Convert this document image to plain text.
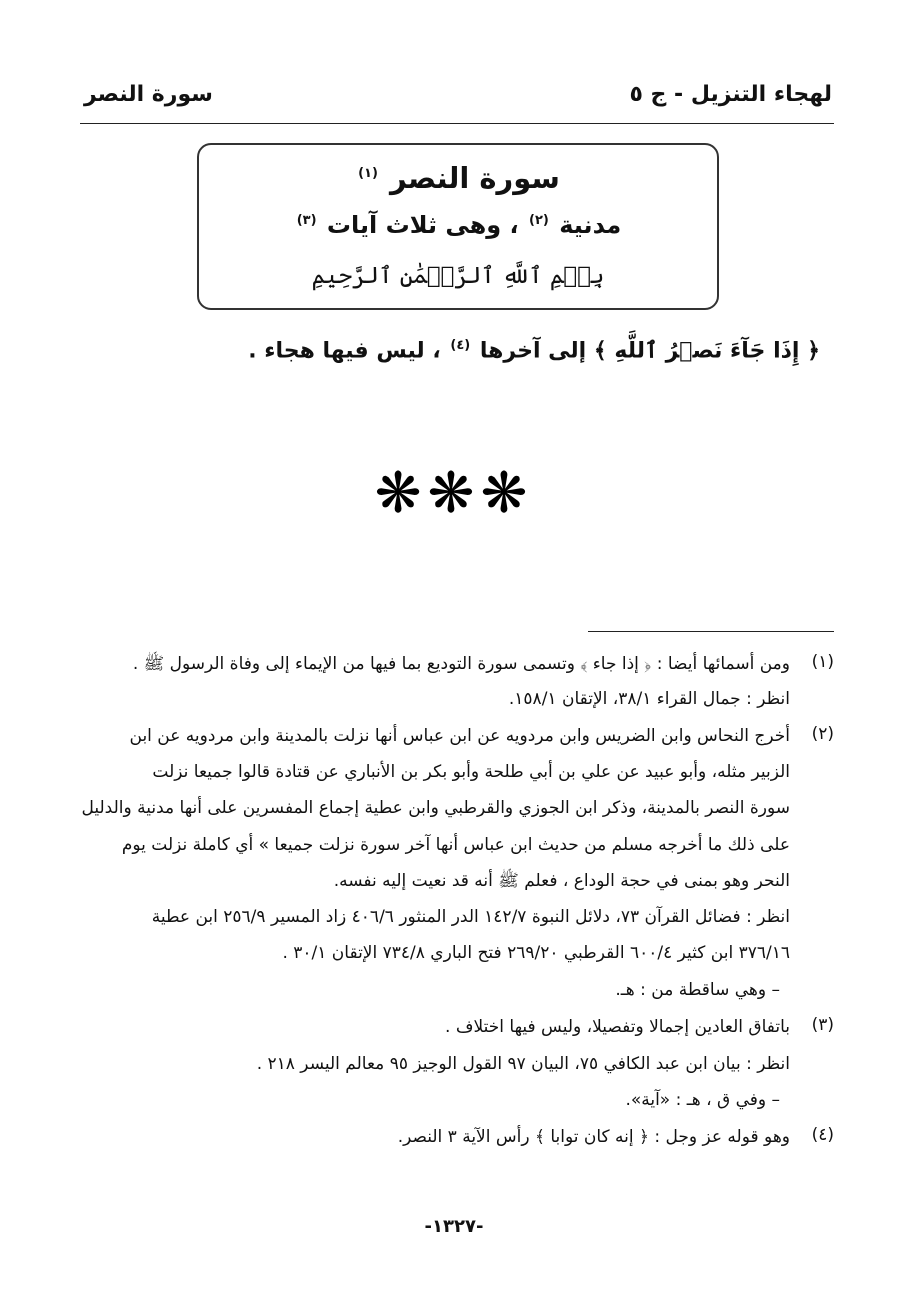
لهجاء التنزيل - ج ٥
سورة النصر
سورة النصر $^{(١)}$
مدنية $^{(٢)}$ ، وهى ثلاث آيات $^{(٣)}$
بِسۡمِ ٱللَّهِ ٱلرَّحۡمَٰنِ ٱلرَّحِيمِ
﴿ إِذَا جَآءَ نَصۡرُ ٱللَّهِ ﴾ إلى آخرها $^{(٤)}$ ، ليس فيها هجاء .
❋❋❋
(١)
ومن أسمائها أيضا : ﴿ إذا جاء ﴾ وتسمى سورة التوديع بما فيها من الإيماء إلى وفاة الرسول ﷺ .
انظر : جمال القراء ٣٨/١، الإتقان ١٥٨/١.
(٢)
أخرج النحاس وابن الضريس وابن مردويه عن ابن عباس أنها نزلت بالمدينة وابن مردويه عن ابن
الزبير مثله، وأبو عبيد عن علي بن أبي طلحة وأبو بكر بن الأنباري عن قتادة قالوا جميعا نزلت
سورة النصر بالمدينة، وذكر ابن الجوزي والقرطبي وابن عطية إجماع المفسرين على أنها مدنية والدليل
على ذلك ما أخرجه مسلم من حديث ابن عباس أنها آخر سورة نزلت جميعا » أي كاملة نزلت يوم
النحر وهو بمنى في حجة الوداع ، فعلم ﷺ أنه قد نعيت إليه نفسه.
انظر : فضائل القرآن ٧٣، دلائل النبوة ١٤٢/٧ الدر المنثور ٤٠٦/٦ زاد المسير ٢٥٦/٩ ابن عطية
٣٧٦/١٦ ابن كثير ٦٠٠/٤ القرطبي ٢٦٩/٢٠ فتح الباري ٧٣٤/٨ الإتقان ٣٠/١ .
– وهي ساقطة من : هـ.
(٣)
باتفاق العادين إجمالا وتفصيلا، وليس فيها اختلاف .
انظر : بيان ابن عبد الكافي ٧٥، البيان ٩٧ القول الوجيز ٩٥ معالم اليسر ٢١٨ .
– وفي ق ، هـ : «آية».
(٤)
وهو قوله عز وجل : ﴿ إنه كان توابا ﴾ رأس الآية ٣ النصر.
-١٣٢٧-
